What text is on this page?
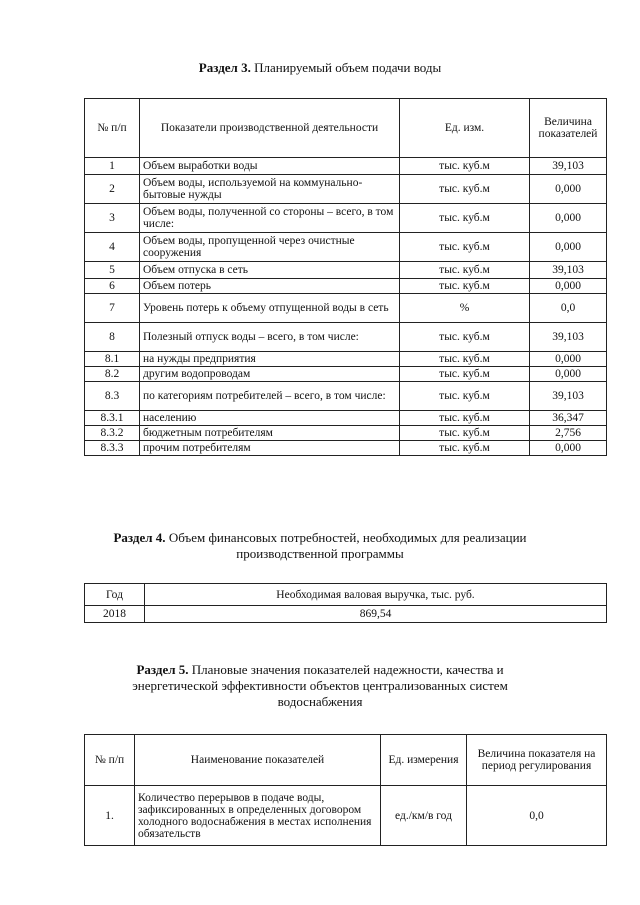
Раздел 3. Планируемый объем подачи воды
№ п/п	Показатели производственной деятельности	Ед. изм.	Величина показателей
1	Объем выработки воды	тыс. куб.м	39,103
2	Объем воды, используемой на коммунально-бытовые нужды	тыс. куб.м	0,000
3	Объем воды, полученной со стороны – всего, в том числе:	тыс. куб.м	0,000
4	Объем воды, пропущенной через очистные сооружения	тыс. куб.м	0,000
5	Объем отпуска в сеть	тыс. куб.м	39,103
6	Объем потерь	тыс. куб.м	0,000
7	Уровень потерь к объему отпущенной воды в сеть	%	0,0
8	Полезный отпуск воды – всего, в том числе:	тыс. куб.м	39,103
8.1	на нужды предприятия	тыс. куб.м	0,000
8.2	другим водопроводам	тыс. куб.м	0,000
8.3	по категориям потребителей – всего, в том числе:	тыс. куб.м	39,103
8.3.1	населению	тыс. куб.м	36,347
8.3.2	бюджетным потребителям	тыс. куб.м	2,756
8.3.3	прочим потребителям	тыс. куб.м	0,000
Раздел 4. Объем финансовых потребностей, необходимых для реализации
производственной программы
Год	Необходимая валовая выручка, тыс. руб.
2018	869,54
Раздел 5. Плановые значения показателей надежности, качества и
энергетической эффективности объектов централизованных систем
водоснабжения
№ п/п	Наименование показателей	Ед. измерения	Величина показателя на период регулирования
1.	Количество перерывов в подаче воды, зафиксированных в определенных договором холодного водоснабжения в местах исполнения обязательств	ед./км/в год	0,0
